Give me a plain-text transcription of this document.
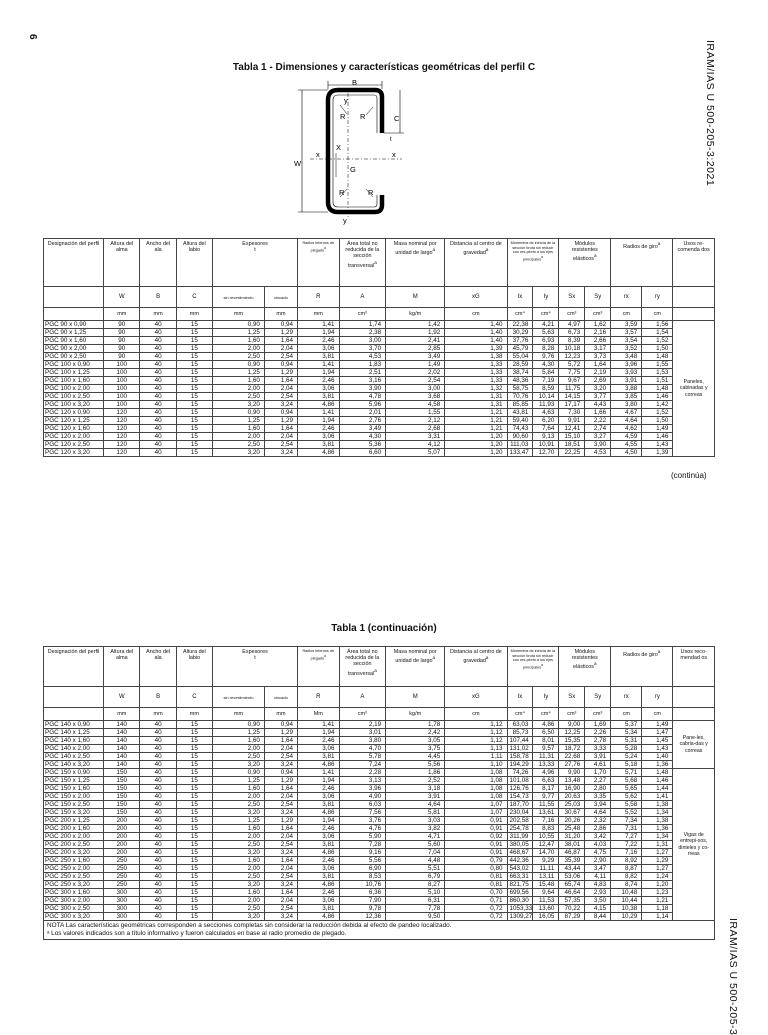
6
IRAM/IAS U 500-205-3:2021
IRAM/IAS U 500-205-3
Tabla 1 - Dimensiones y características geométricas del perfil C
B
y
y
C
W
x	x
X
G
R R
R	R
t
Designación del perfil	Altura del alma	Ancho del ala	Altura del labio	Espesores
t		Radios internos de plegado$^a$	Área total no reducida de la sección transversal$^a$	Masa nominal por unidad de largo$^a$	Distancia al centro de gravedad$^a$	Momentos de inercia de la sección bruta sin reducir con res-pecto a los ejes principales$^a$		Módulos resistentes elásticos$^a$		Radios de giro$^a$		Usos re-comenda dos
	W	B	C	sin revestimiento	cincado	R	A	M	xG	Ix	Iy	Sx	Sy	rx	ry	
	mm	mm	mm	mm	mm	mm	cm²	kg/m	cm	cm⁴	cm⁴	cm³	cm³	cm	cm	
PGC 90 x 0,90	90	40	15	0,90	0,94	1,41	1,74	1,42	1,40	22,38	4,21	4,97	1,62	3,59	1,56	Paneles, cabinadas y correas
PGC 90 x 1,25	90	40	15	1,25	1,29	1,94	2,38	1,92	1,40	30,29	5,63	6,73	2,16	3,57	1,54	
PGC 90 x 1,60	90	40	15	1,60	1,64	2,46	3,00	2,41	1,40	37,76	6,93	8,39	2,66	3,54	1,52	
PGC 90 x 2,00	90	40	15	2,00	2,04	3,06	3,70	2,85	1,39	45,79	8,28	10,18	3,17	3,52	1,50	
PGC 90 x 2,50	90	40	15	2,50	2,54	3,81	4,53	3,49	1,38	55,04	9,76	12,23	3,73	3,48	1,48	
PGC 100 x 0,90	100	40	15	0,90	0,94	1,41	1,83	1,49	1,33	28,59	4,30	5,72	1,64	3,96	1,55	
PGC 100 x 1,25	100	40	15	1,25	1,29	1,94	2,51	2,02	1,33	38,74	5,84	7,75	2,19	3,93	1,53	
PGC 100 x 1,60	100	40	15	1,60	1,64	2,46	3,16	2,54	1,33	48,36	7,19	9,67	2,69	3,91	1,51	
PGC 100 x 2,00	100	40	15	2,00	2,04	3,06	3,90	3,00	1,32	58,75	8,59	11,75	3,20	3,88	1,48	
PGC 100 x 2,50	100	40	15	2,50	2,54	3,81	4,78	3,68	1,31	70,76	10,14	14,15	3,77	3,85	1,46	
PGC 100 x 3,20	100	40	15	3,20	3,24	4,86	5,96	4,58	1,31	85,85	11,93	17,17	4,43	3,80	1,42	
PGC 120 x 0,90	120	40	15	0,90	0,94	1,41	2,01	1,55	1,21	43,81	4,63	7,30	1,66	4,67	1,52	
PGC 120 x 1,25	120	40	15	1,25	1,29	1,94	2,76	2,12	1,21	59,40	6,20	9,91	2,22	4,64	1,50	
PGC 120 x 1,60	120	40	15	1,60	1,64	2,46	3,49	2,68	1,21	74,43	7,64	12,41	2,74	4,62	1,49	
PGC 120 x 2,00	120	40	15	2,00	2,04	3,06	4,30	3,31	1,20	90,60	9,13	15,10	3,27	4,59	1,46	
PGC 120 x 2,50	120	40	15	2,50	2,54	3,81	5,36	4,12	1,20	111,03	10,91	18,51	3,90	4,55	1,43	
PGC 120 x 3,20	120	40	15	3,20	3,24	4,86	6,60	5,07	1,20	133,47	12,70	22,25	4,53	4,50	1,39	
(continúa)
Tabla 1 (continuación)
Designación del perfil	Altura del alma	Ancho del ala	Altura del labio	Espesores
t		Radios internos de plegado$^a$	Área total no reducida de la sección transversal$^a$	Masa nominal por unidad de largo$^a$	Distancia al centro de gravedad$^a$	Momentos de inercia de la sección bruta sin reducir con res-pecto a los ejes principales$^a$		Módulos resistentes elásticos$^a$		Radios de giro$^a$		Usos reco-mendad os
	W	B	C	sin revestimiento	cincado	R	A	M	xG	Ix	Iy	Sx	Sy	rx	ry	
	mm	mm	mm	mm	mm	Mm	cm²	kg/m	cm	cm⁴	cm⁴	cm³	cm³	cm	cm	
PGC 140 x 0,90	140	40	15	0,90	0,94	1,41	2,19	1,78	1,12	63,03	4,86	9,00	1,69	5,37	1,49	Pane-les, cabria-das y correas
PGC 140 x 1,25	140	40	15	1,25	1,29	1,94	3,01	2,42	1,12	85,73	6,50	12,25	2,26	5,34	1,47	
PGC 140 x 1,60	140	40	15	1,60	1,64	2,46	3,80	3,05	1,12	107,44	8,01	15,35	2,78	5,31	1,45	
PGC 140 x 2,00	140	40	15	2,00	2,04	3,06	4,70	3,75	1,13	131,02	9,57	18,72	3,33	5,28	1,43	
PGC 140 x 2,50	140	40	15	2,50	2,54	3,81	5,78	4,45	1,11	158,78	11,31	22,68	3,91	5,24	1,40	
PGC 140 x 3,20	140	40	15	3,20	3,24	4,86	7,24	5,56	1,10	194,29	13,33	27,76	4,61	5,18	1,36	
PGC 150 x 0,90	150	40	15	0,90	0,94	1,41	2,28	1,86	1,08	74,26	4,96	9,90	1,70	5,71	1,48	Vigas de entrepi-sos, dinteles y co-rreas
PGC 150 x 1,25	150	40	15	1,25	1,29	1,94	3,13	2,52	1,08	101,08	6,63	13,48	2,27	5,68	1,46	
PGC 150 x 1,60	150	40	15	1,60	1,64	2,46	3,96	3,18	1,08	126,76	8,17	16,90	2,80	5,65	1,44	
PGC 150 x 2,00	150	40	15	2,00	2,04	3,06	4,90	3,91	1,08	154,73	9,77	20,63	3,35	5,62	1,41	
PGC 150 x 2,50	150	40	15	2,50	2,54	3,81	6,03	4,64	1,07	187,70	11,55	25,03	3,94	5,58	1,38	
PGC 150 x 3,20	150	40	15	3,20	3,24	4,86	7,56	5,81	1,07	230,04	13,61	30,67	4,64	5,52	1,34	
PGC 200 x 1,25	200	40	15	1,25	1,29	1,94	3,76	3,03	0,91	202,58	7,16	20,26	2,32	7,34	1,38	
PGC 200 x 1,60	200	40	15	1,60	1,64	2,46	4,76	3,82	0,91	254,78	8,83	25,48	2,86	7,31	1,36	
PGC 200 x 2,00	200	40	15	2,00	2,04	3,06	5,90	4,71	0,92	311,99	10,55	31,20	3,42	7,27	1,34	
PGC 200 x 2,50	200	40	15	2,50	2,54	3,81	7,28	5,60	0,91	380,05	12,47	38,01	4,03	7,22	1,31	
PGC 200 x 3,20	200	40	15	3,20	3,24	4,86	9,16	7,04	0,91	468,67	14,70	46,87	4,75	7,16	1,27	
PGC 250 x 1,60	250	40	15	1,60	1,64	2,46	5,56	4,48	0,79	442,36	9,29	35,39	2,90	8,92	1,29	
PGC 250 x 2,00	250	40	15	2,00	2,04	3,06	6,90	5,51	0,80	543,02	11,11	43,44	3,47	8,87	1,27	
PGC 250 x 2,50	250	40	15	2,50	2,54	3,81	8,53	6,79	0,81	663,31	13,11	53,06	4,11	8,82	1,24	
PGC 250 x 3,20	250	40	15	3,20	3,24	4,86	10,76	8,27	0,81	821,75	15,48	65,74	4,83	8,74	1,20	
PGC 300 x 1,60	300	40	15	1,60	1,64	2,46	6,36	5,10	0,70	699,56	9,64	46,64	2,93	10,48	1,23	
PGC 300 x 2,00	300	40	15	2,00	2,04	3,06	7,90	6,31	0,71	860,30	11,53	57,35	3,50	10,44	1,21	
PGC 300 x 2,50	300	40	15	2,50	2,54	3,81	9,78	7,78	0,72	1053,33	13,60	70,22	4,15	10,38	1,18	
PGC 300 x 3,20	300	40	15	3,20	3,24	4,86	12,36	9,50	0,72	1309,27	16,05	87,29	8,44	10,29	1,14	

NOTA Las características geométricas corresponden a secciones completas sin considerar la reducción debida al efecto de pandeo localizado.
ᵃ Los valores indicados son a título informativo y fueron calculados en base al radio promedio de plegado.																
